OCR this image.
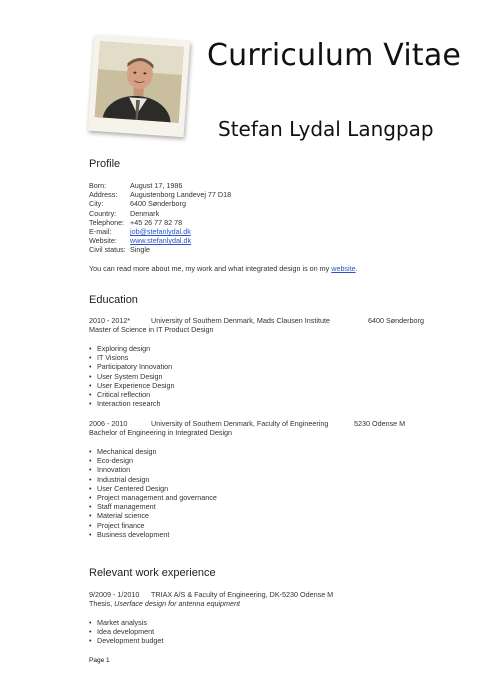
Curriculum Vitae
Stefan Lydal Langpap
Profile
Born:	August 17, 1986
Address:	Augustenborg Landevej 77 D18
City:	6400 Sønderborg
Country:	Denmark
Telephone: +45 26 77 82 78
E-mail:	job@stefanlydal.dk
Website:	www.stefanlydal.dk
Civil status: Single
You can read more about me, my work and what integrated design is on my website.
Education
2010 - 2012*	University of Southern Denmark, Mads Clausen Institute	6400 Sønderborg
Master of Science in IT Product Design
• Exploring design
• IT Visions
• Participatory Innovation
• User System Design
• User Experience Design
• Critical reflection
• Interaction research
2006 - 2010	University of Southern Denmark, Faculty of Engineering	5230 Odense M
Bachelor of Engineering in Integrated Design
• Mechanical design
• Eco-design
• Innovation
• Industrial design
• User Centered Design
• Project management and governance
• Staff management
• Material science
• Project finance
• Business development
Relevant work experience
9/2009 - 1/2010 TRIAX A/S & Faculty of Engineering, DK-5230 Odense M
Thesis, Userface design for antenna equipment
• Market analysis
• Idea development
• Development budget
Page 1
